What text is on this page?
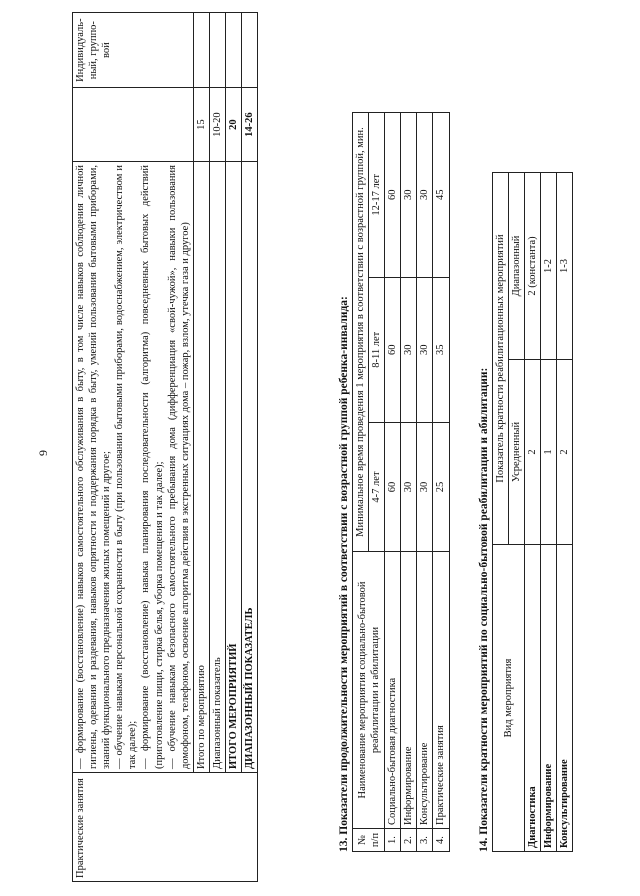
9
Практические занятия	— формирование (восстановление) навыков самостоятельного обслуживания в быту, в том числе навыков соблюдения личной гигиены, одевания и раздевания, навыков опрятности и поддержания порядка в быту, умений пользования бытовыми приборами, знаний функционального предназначения жилых помещений и другое; — обучение навыкам персональной сохранности в быту (при пользовании бытовыми приборами, водоснабжением, электричеством и так далее); — формирование (восстановление) навыка планирования последовательности (алгоритма) повседневных бытовых действий (приготовление пищи, стирка белья, уборка помещения и так далее); — обучение навыкам безопасного самостоятельного пребывания дома (дифференциация «свой-чужой», навыки пользования домофоном, телефоном, освоение алгоритма действия в экстренных ситуациях дома – пожар, взлом, утечка газа и другое)		Индивидуаль-ный, группо-вой
	Итого по мероприятию	15	
	Диапазонный показатель	10-20	
	ИТОГО МЕРОПРИЯТИЙ	20	
	ДИАПАЗОННЫЙ ПОКАЗАТЕЛЬ	14-26	
13. Показатели продолжительности мероприятий в соответствии с возрастной группой ребенка-инвалида: № п/п	Наименование мероприятия социально-бытовой реабилитации и абилитации	Минимальное время проведения 1 мероприятия в соответствии с возрастной группой, мин.		
		4-7 лет	8-11 лет	12-17 лет
1.	Социально-бытовая диагностика	60	60	60
2.	Информирование	30	30	30
3.	Консультирование	30	30	30
4.	Практические занятия	25	35	45
14. Показатели кратности мероприятий по социально-бытовой реабилитации и абилитации: Вид мероприятия	Показатель кратности реабилитационных мероприятий	
	Усредненный	Диапазонный
Диагностика	2	2 (константа)
Информирование	1	1-2
Консультирование	2	1-3
